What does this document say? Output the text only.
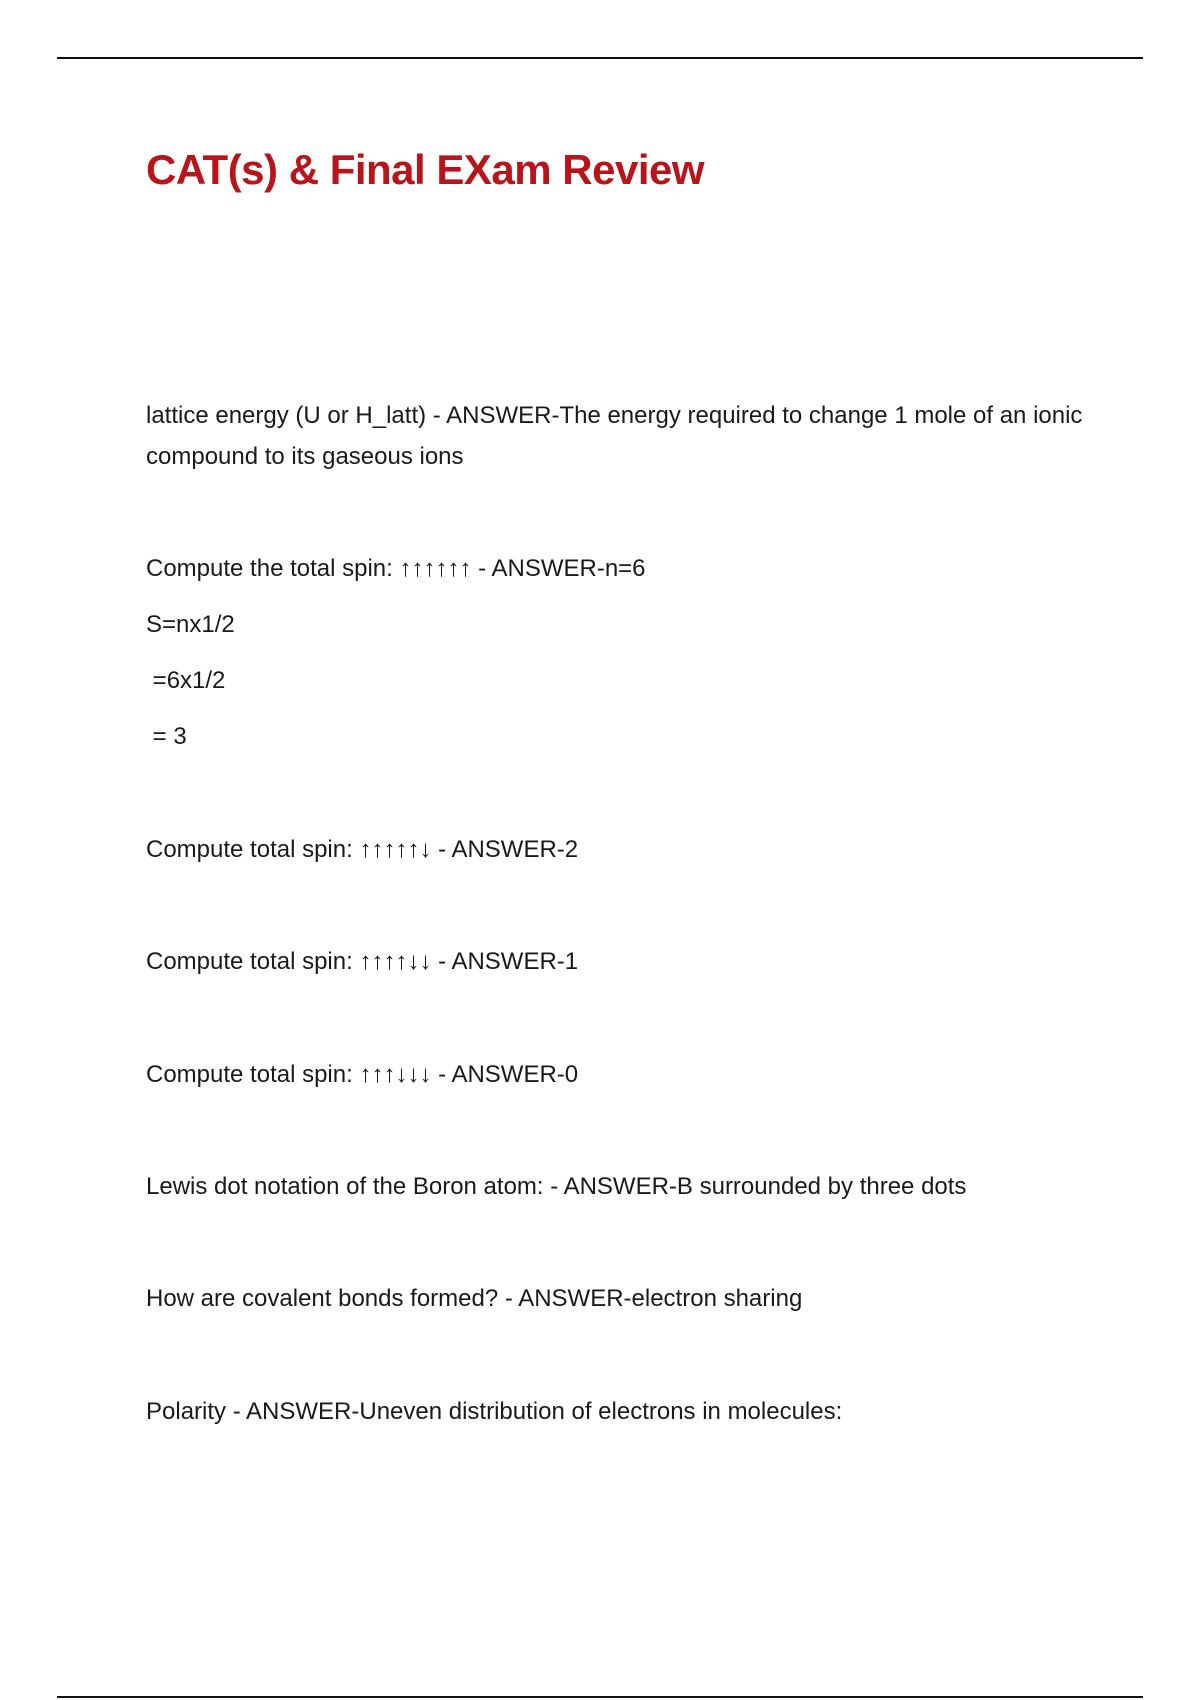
CAT(s) & Final EXam Review

lattice energy (U or H_latt) - ANSWER-The energy required to change 1 mole of an ionic compound to its gaseous ions

Compute the total spin: ↑↑↑↑↑↑ - ANSWER-n=6

S=nx1/2

=6x1/2

= 3

Compute total spin: ↑↑↑↑↑↓ - ANSWER-2

Compute total spin: ↑↑↑↑↓↓ - ANSWER-1

Compute total spin: ↑↑↑↓↓↓ - ANSWER-0

Lewis dot notation of the Boron atom: - ANSWER-B surrounded by three dots

How are covalent bonds formed? - ANSWER-electron sharing

Polarity - ANSWER-Uneven distribution of electrons in molecules:
